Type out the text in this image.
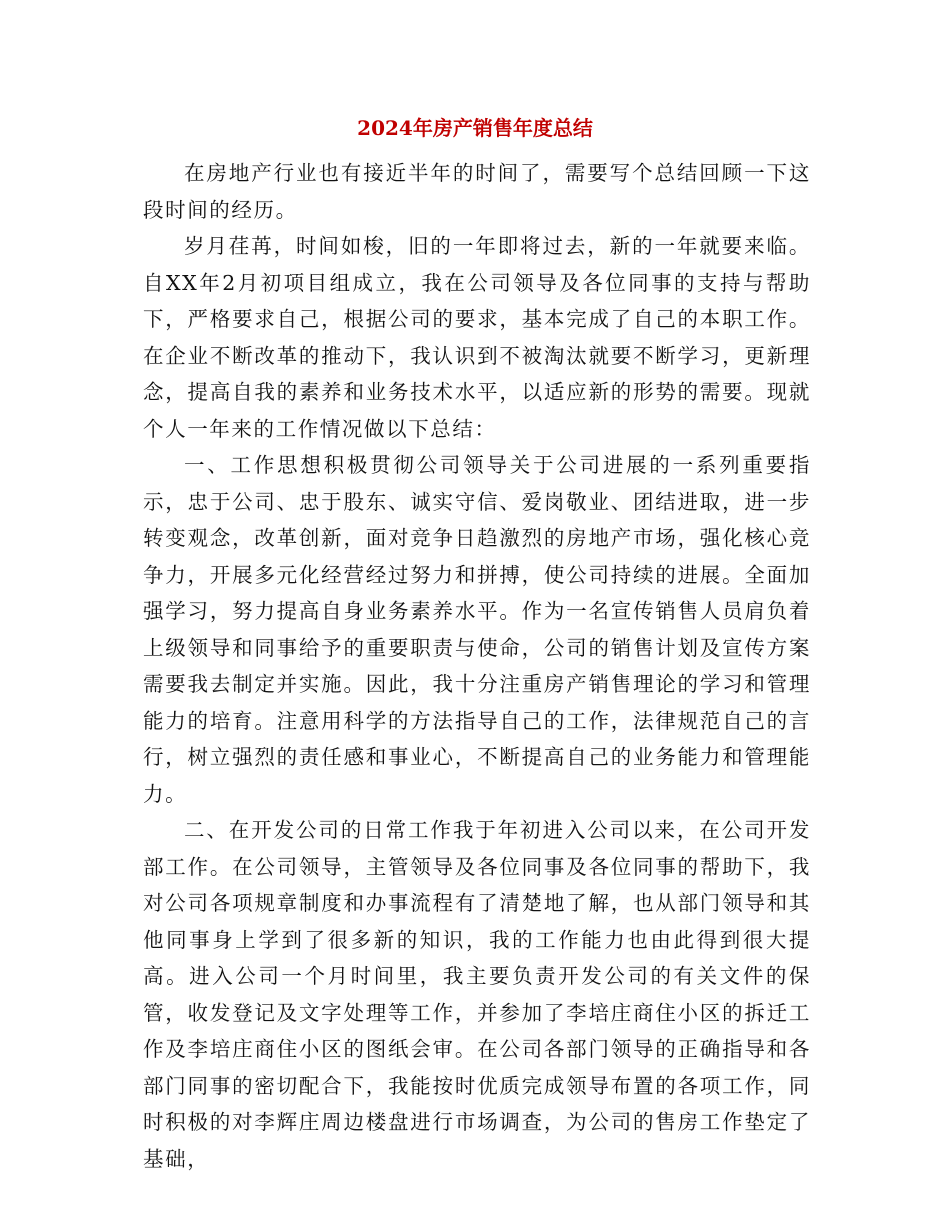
2024年房产销售年度总结

在房地产行业也有接近半年的时间了，需要写个总结回顾一下这段时间的经历。

岁月荏苒，时间如梭，旧的一年即将过去，新的一年就要来临。自XX年2月初项目组成立，我在公司领导及各位同事的支持与帮助下，严格要求自己，根据公司的要求，基本完成了自己的本职工作。在企业不断改革的推动下，我认识到不被淘汰就要不断学习，更新理念，提高自我的素养和业务技术水平，以适应新的形势的需要。现就个人一年来的工作情况做以下总结：

一、工作思想积极贯彻公司领导关于公司进展的一系列重要指示，忠于公司、忠于股东、诚实守信、爱岗敬业、团结进取，进一步转变观念，改革创新，面对竞争日趋激烈的房地产市场，强化核心竞争力，开展多元化经营经过努力和拼搏，使公司持续的进展。全面加强学习，努力提高自身业务素养水平。作为一名宣传销售人员肩负着上级领导和同事给予的重要职责与使命，公司的销售计划及宣传方案需要我去制定并实施。因此，我十分注重房产销售理论的学习和管理能力的培育。注意用科学的方法指导自己的工作，法律规范自己的言行，树立强烈的责任感和事业心，不断提高自己的业务能力和管理能力。

二、在开发公司的日常工作我于年初进入公司以来，在公司开发部工作。在公司领导，主管领导及各位同事及各位同事的帮助下，我对公司各项规章制度和办事流程有了清楚地了解，也从部门领导和其他同事身上学到了很多新的知识，我的工作能力也由此得到很大提高。进入公司一个月时间里，我主要负责开发公司的有关文件的保管，收发登记及文字处理等工作，并参加了李培庄商住小区的拆迁工作及李培庄商住小区的图纸会审。在公司各部门领导的正确指导和各部门同事的密切配合下，我能按时优质完成领导布置的各项工作，同时积极的对李辉庄周边楼盘进行市场调查，为公司的售房工作垫定了基础，
